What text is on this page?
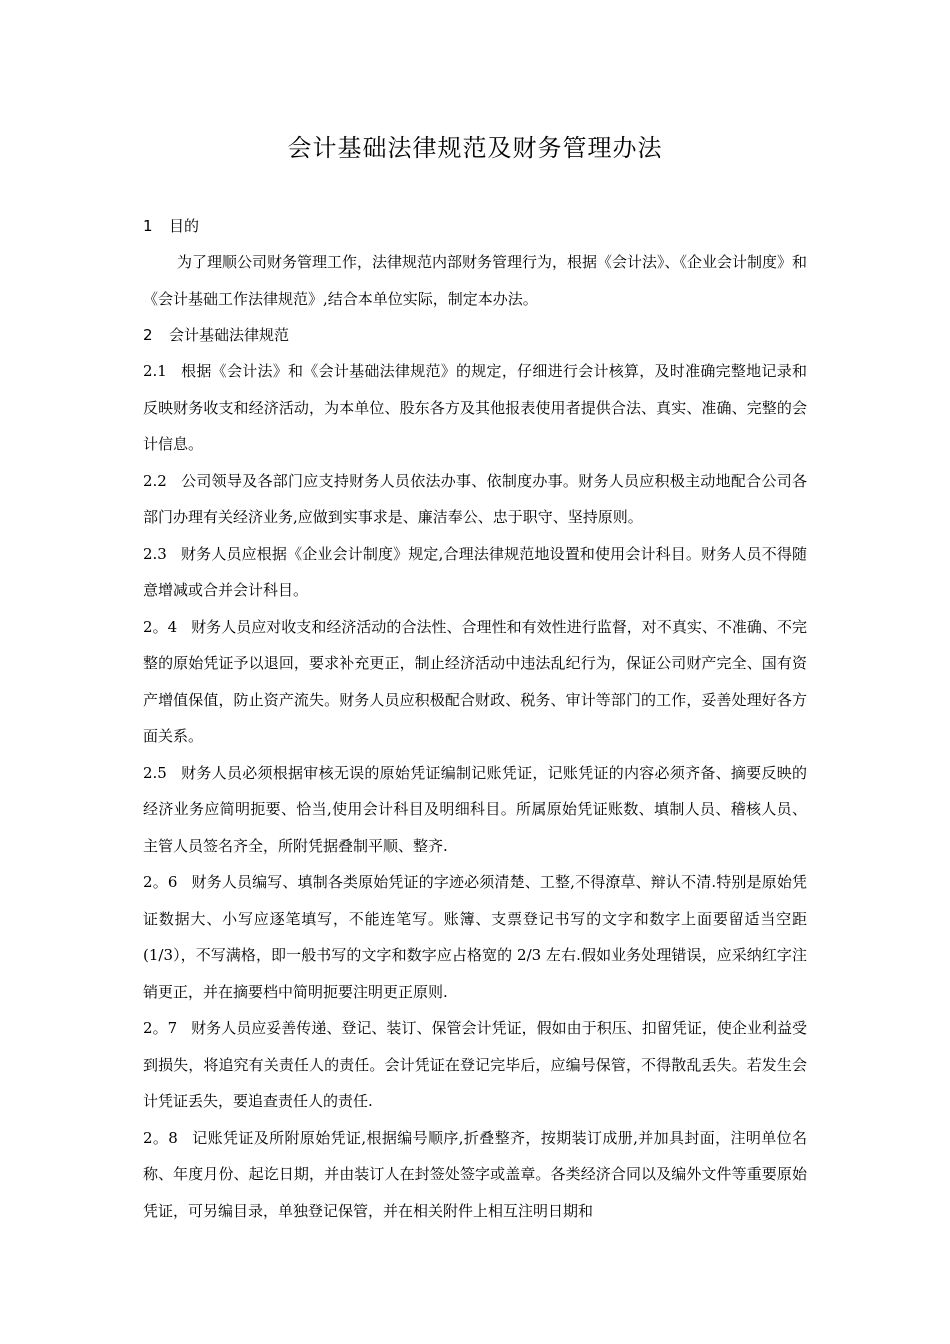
会计基础法律规范及财务管理办法
1 目的

为了理顺公司财务管理工作，法律规范内部财务管理行为，根据《会计法》、《企业会计制度》和《会计基础工作法律规范》,结合本单位实际，制定本办法。

2 会计基础法律规范

2.1 根据《会计法》和《会计基础法律规范》的规定，仔细进行会计核算，及时准确完整地记录和反映财务收支和经济活动，为本单位、股东各方及其他报表使用者提供合法、真实、准确、完整的会计信息。

2.2 公司领导及各部门应支持财务人员依法办事、依制度办事。财务人员应积极主动地配合公司各部门办理有关经济业务,应做到实事求是、廉洁奉公、忠于职守、坚持原则。

2.3 财务人员应根据《企业会计制度》规定,合理法律规范地设置和使用会计科目。财务人员不得随意增减或合并会计科目。

2。4 财务人员应对收支和经济活动的合法性、合理性和有效性进行监督，对不真实、不准确、不完整的原始凭证予以退回，要求补充更正，制止经济活动中违法乱纪行为，保证公司财产完全、国有资产增值保值，防止资产流失。财务人员应积极配合财政、税务、审计等部门的工作，妥善处理好各方面关系。

2.5 财务人员必须根据审核无误的原始凭证编制记账凭证，记账凭证的内容必须齐备、摘要反映的经济业务应简明扼要、恰当,使用会计科目及明细科目。所属原始凭证账数、填制人员、稽核人员、主管人员签名齐全，所附凭据叠制平顺、整齐.

2。6 财务人员编写、填制各类原始凭证的字迹必须清楚、工整,不得潦草、辩认不清.特别是原始凭证数据大、小写应逐笔填写，不能连笔写。账簿、支票登记书写的文字和数字上面要留适当空距(1/3），不写满格，即一般书写的文字和数字应占格宽的 2/3 左右.假如业务处理错误，应采纳红字注销更正，并在摘要档中简明扼要注明更正原则.

2。7 财务人员应妥善传递、登记、装订、保管会计凭证，假如由于积压、扣留凭证，使企业利益受到损失，将追究有关责任人的责任。会计凭证在登记完毕后，应编号保管，不得散乱丢失。若发生会计凭证丢失，要追查责任人的责任.

2。8 记账凭证及所附原始凭证,根据编号顺序,折叠整齐，按期装订成册,并加具封面，注明单位名称、年度月份、起讫日期，并由装订人在封签处签字或盖章。各类经济合同以及编外文件等重要原始凭证，可另编目录，单独登记保管，并在相关附件上相互注明日期和
